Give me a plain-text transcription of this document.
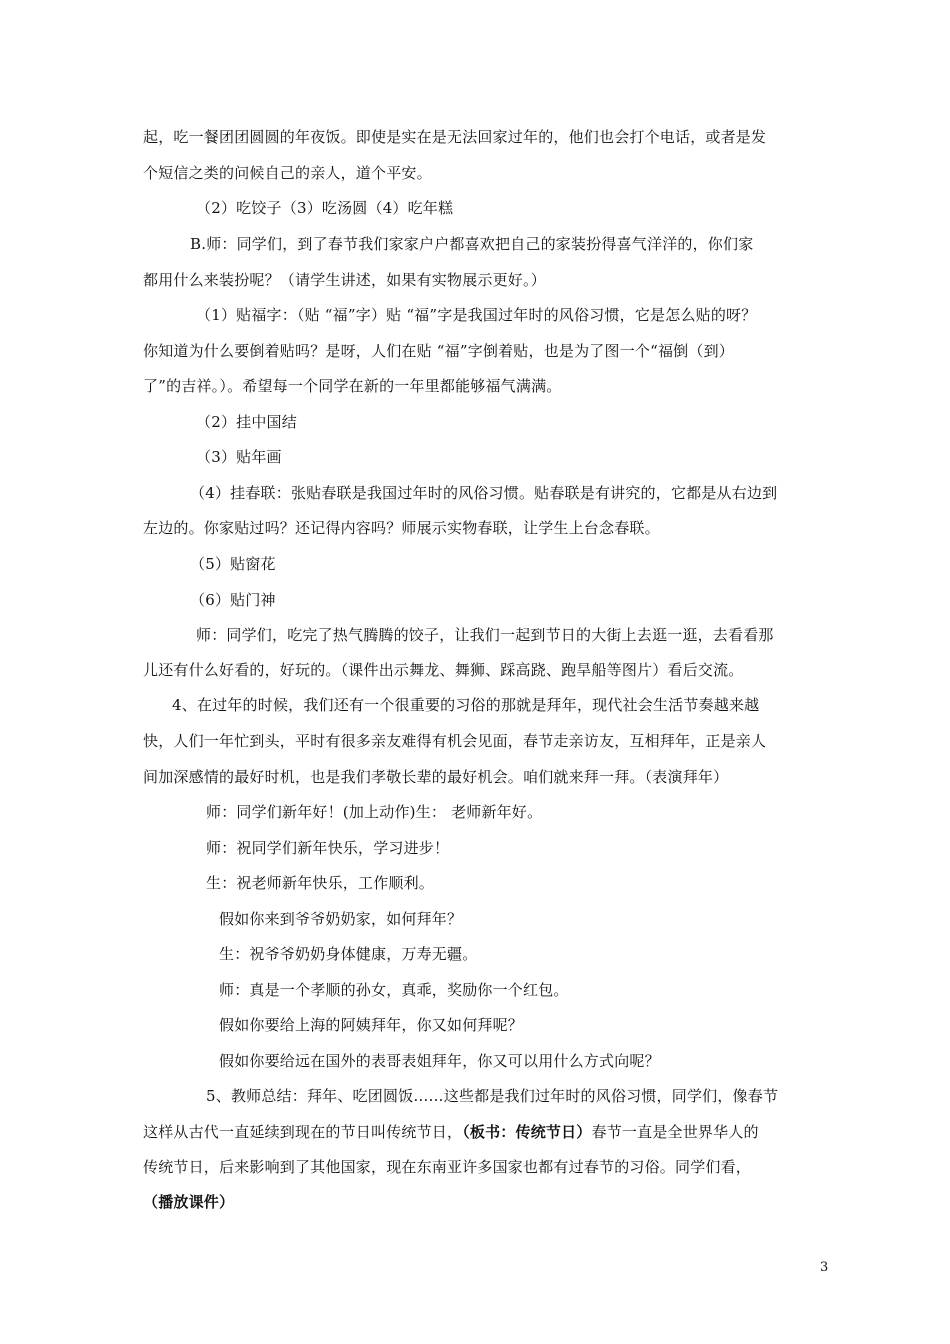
起，吃一餐团团圆圆的年夜饭。即使是实在是无法回家过年的，他们也会打个电话，或者是发
个短信之类的问候自己的亲人，道个平安。
（2）吃饺子（3）吃汤圆（4）吃年糕
B.师：同学们，到了春节我们家家户户都喜欢把自己的家装扮得喜气洋洋的，你们家
都用什么来装扮呢？（请学生讲述，如果有实物展示更好。）
（1）贴福字：（贴 “福”字）贴 “福”字是我国过年时的风俗习惯，它是怎么贴的呀？
你知道为什么要倒着贴吗？是呀，人们在贴 “福”字倒着贴，也是为了图一个“福倒（到）
了”的吉祥。）。希望每一个同学在新的一年里都能够福气满满。
（2）挂中国结
（3）贴年画
（4）挂春联：张贴春联是我国过年时的风俗习惯。贴春联是有讲究的，它都是从右边到
左边的。你家贴过吗？还记得内容吗？师展示实物春联，让学生上台念春联。
（5）贴窗花
（6）贴门神
师：同学们，吃完了热气腾腾的饺子，让我们一起到节日的大街上去逛一逛，去看看那
儿还有什么好看的，好玩的。（课件出示舞龙、舞狮、踩高跷、跑旱船等图片）看后交流。
4、在过年的时候，我们还有一个很重要的习俗的那就是拜年，现代社会生活节奏越来越
快，人们一年忙到头，平时有很多亲友难得有机会见面，春节走亲访友，互相拜年，正是亲人
间加深感情的最好时机，也是我们孝敬长辈的最好机会。咱们就来拜一拜。（表演拜年）
师：同学们新年好！(加上动作)生： 老师新年好。
师：祝同学们新年快乐，学习进步！
生：祝老师新年快乐，工作顺利。
假如你来到爷爷奶奶家，如何拜年？
生：祝爷爷奶奶身体健康，万寿无疆。
师：真是一个孝顺的孙女，真乖，奖励你一个红包。
假如你要给上海的阿姨拜年，你又如何拜呢？
假如你要给远在国外的表哥表姐拜年，你又可以用什么方式向呢？
5、教师总结：拜年、吃团圆饭……这些都是我们过年时的风俗习惯，同学们，像春节
这样从古代一直延续到现在的节日叫传统节日，（板书：传统节日）春节一直是全世界华人的
传统节日，后来影响到了其他国家，现在东南亚许多国家也都有过春节的习俗。同学们看，
（播放课件）
3
